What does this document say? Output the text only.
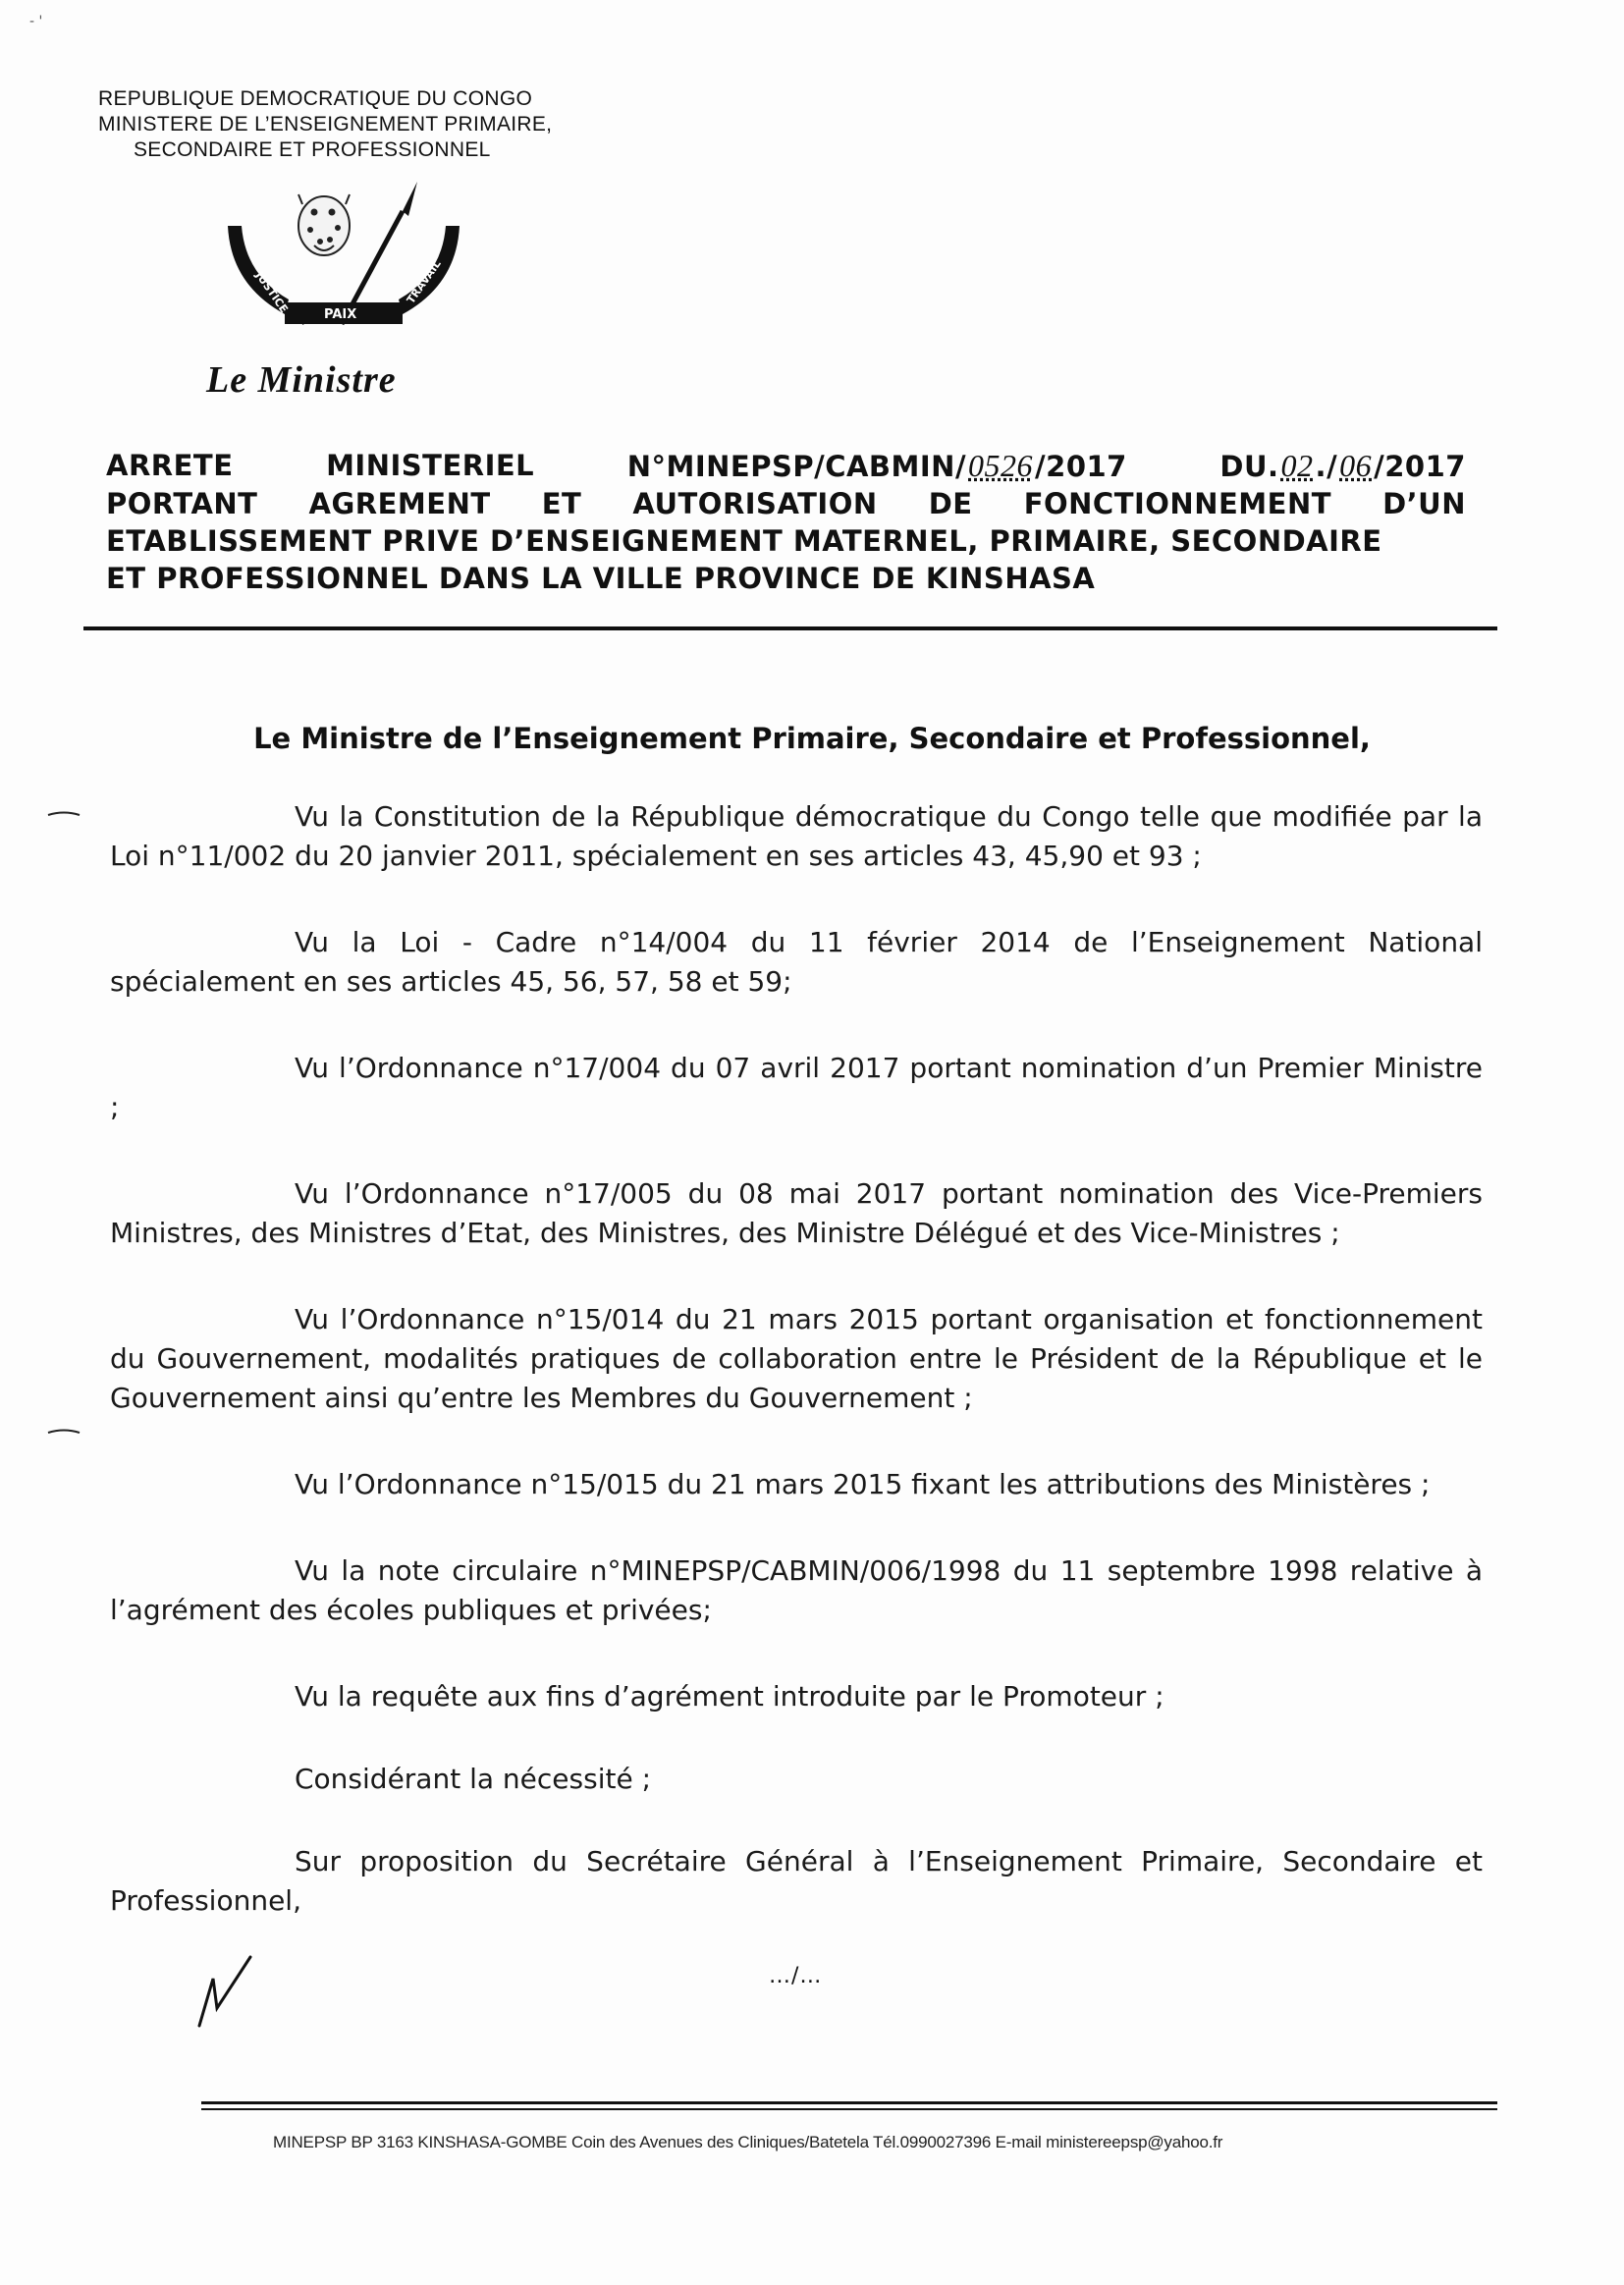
- '
REPUBLIQUE DEMOCRATIQUE DU CONGO
MINISTERE DE L’ENSEIGNEMENT PRIMAIRE,
SECONDAIRE ET PROFESSIONNEL
JUSTICE	PAIX
TRAVAIL
Le Ministre
ARRETE	MINISTERIEL	N°MINEPSP/CABMIN/0526/2017	DU.02./06/2017
PORTANT AGREMENT ET AUTORISATION DE FONCTIONNEMENT D’UN
ETABLISSEMENT PRIVE D’ENSEIGNEMENT MATERNEL, PRIMAIRE, SECONDAIRE
ET PROFESSIONNEL DANS LA VILLE PROVINCE DE KINSHASA
Le Ministre de l’Enseignement Primaire, Secondaire et Professionnel,

Vu la Constitution de la République démocratique du Congo telle que modifiée par la Loi n°11/002 du 20 janvier 2011, spécialement en ses articles 43, 45,90 et 93 ;

Vu la Loi - Cadre n°14/004 du 11 février 2014 de l’Enseignement National spécialement en ses articles 45, 56, 57, 58 et 59;

Vu l’Ordonnance n°17/004 du 07 avril 2017 portant nomination d’un Premier Ministre ;

Vu l’Ordonnance n°17/005 du 08 mai 2017 portant nomination des Vice-Premiers Ministres, des Ministres d’Etat, des Ministres, des Ministre Délégué et des Vice-Ministres ;

Vu l’Ordonnance n°15/014 du 21 mars 2015 portant organisation et fonctionnement du Gouvernement, modalités pratiques de collaboration entre le Président de la République et le Gouvernement ainsi qu’entre les Membres du Gouvernement ;

Vu l’Ordonnance n°15/015 du 21 mars 2015 fixant les attributions des Ministères ;

Vu la note circulaire n°MINEPSP/CABMIN/006/1998 du 11 septembre 1998 relative à l’agrément des écoles publiques et privées;

Vu la requête aux fins d’agrément introduite par le Promoteur ;

Considérant la nécessité ;

Sur proposition du Secrétaire Général à l’Enseignement Primaire, Secondaire et Professionnel,

…/…
MINEPSP BP 3163 KINSHASA-GOMBE Coin des Avenues des Cliniques/Batetela Tél.0990027396 E-mail ministereepsp@yahoo.fr
